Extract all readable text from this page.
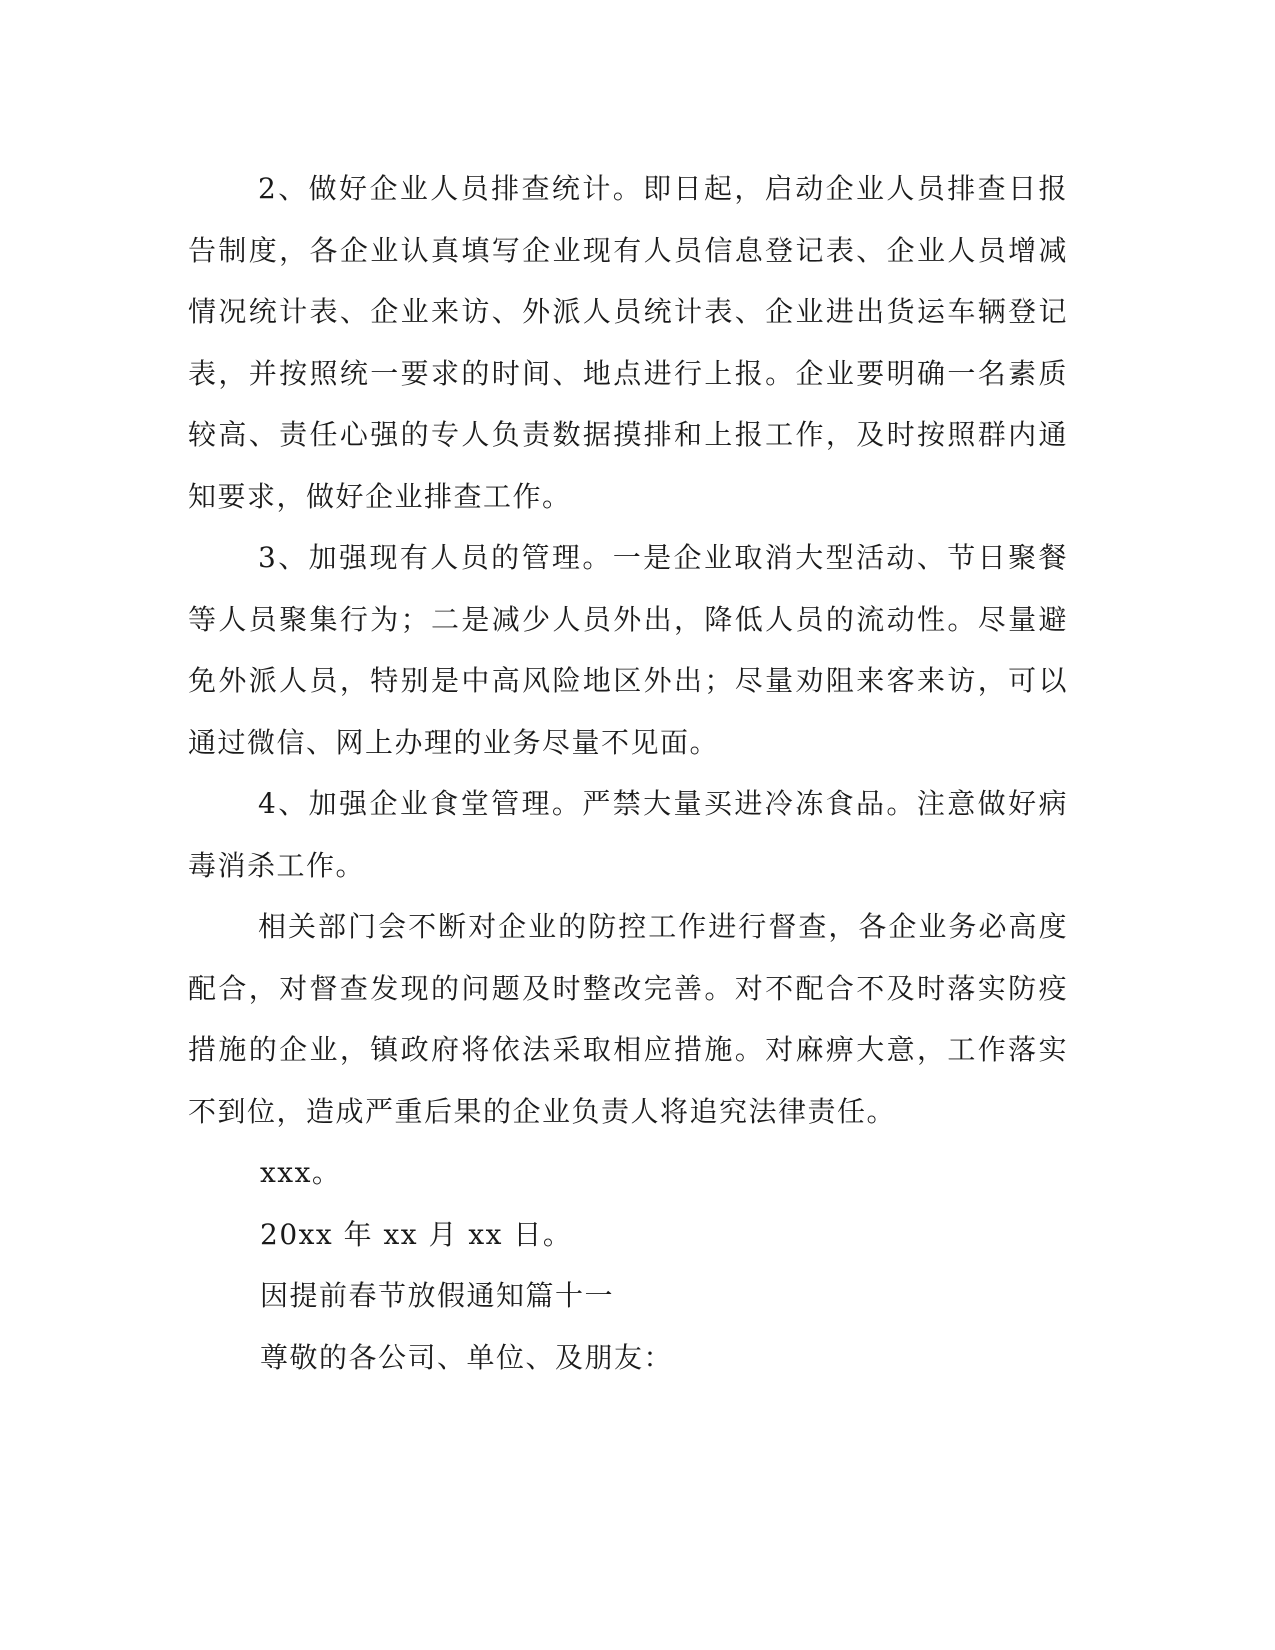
2、做好企业人员排查统计。即日起，启动企业人员排查日报告制度，各企业认真填写企业现有人员信息登记表、企业人员增减情况统计表、企业来访、外派人员统计表、企业进出货运车辆登记表，并按照统一要求的时间、地点进行上报。企业要明确一名素质较高、责任心强的专人负责数据摸排和上报工作，及时按照群内通知要求，做好企业排查工作。

3、加强现有人员的管理。一是企业取消大型活动、节日聚餐等人员聚集行为；二是减少人员外出，降低人员的流动性。尽量避免外派人员，特别是中高风险地区外出；尽量劝阻来客来访，可以通过微信、网上办理的业务尽量不见面。

4、加强企业食堂管理。严禁大量买进冷冻食品。注意做好病毒消杀工作。

相关部门会不断对企业的防控工作进行督查，各企业务必高度配合，对督查发现的问题及时整改完善。对不配合不及时落实防疫措施的企业，镇政府将依法采取相应措施。对麻痹大意，工作落实不到位，造成严重后果的企业负责人将追究法律责任。

xxx。

20xx 年 xx 月 xx 日。

因提前春节放假通知篇十一

尊敬的各公司、单位、及朋友：
